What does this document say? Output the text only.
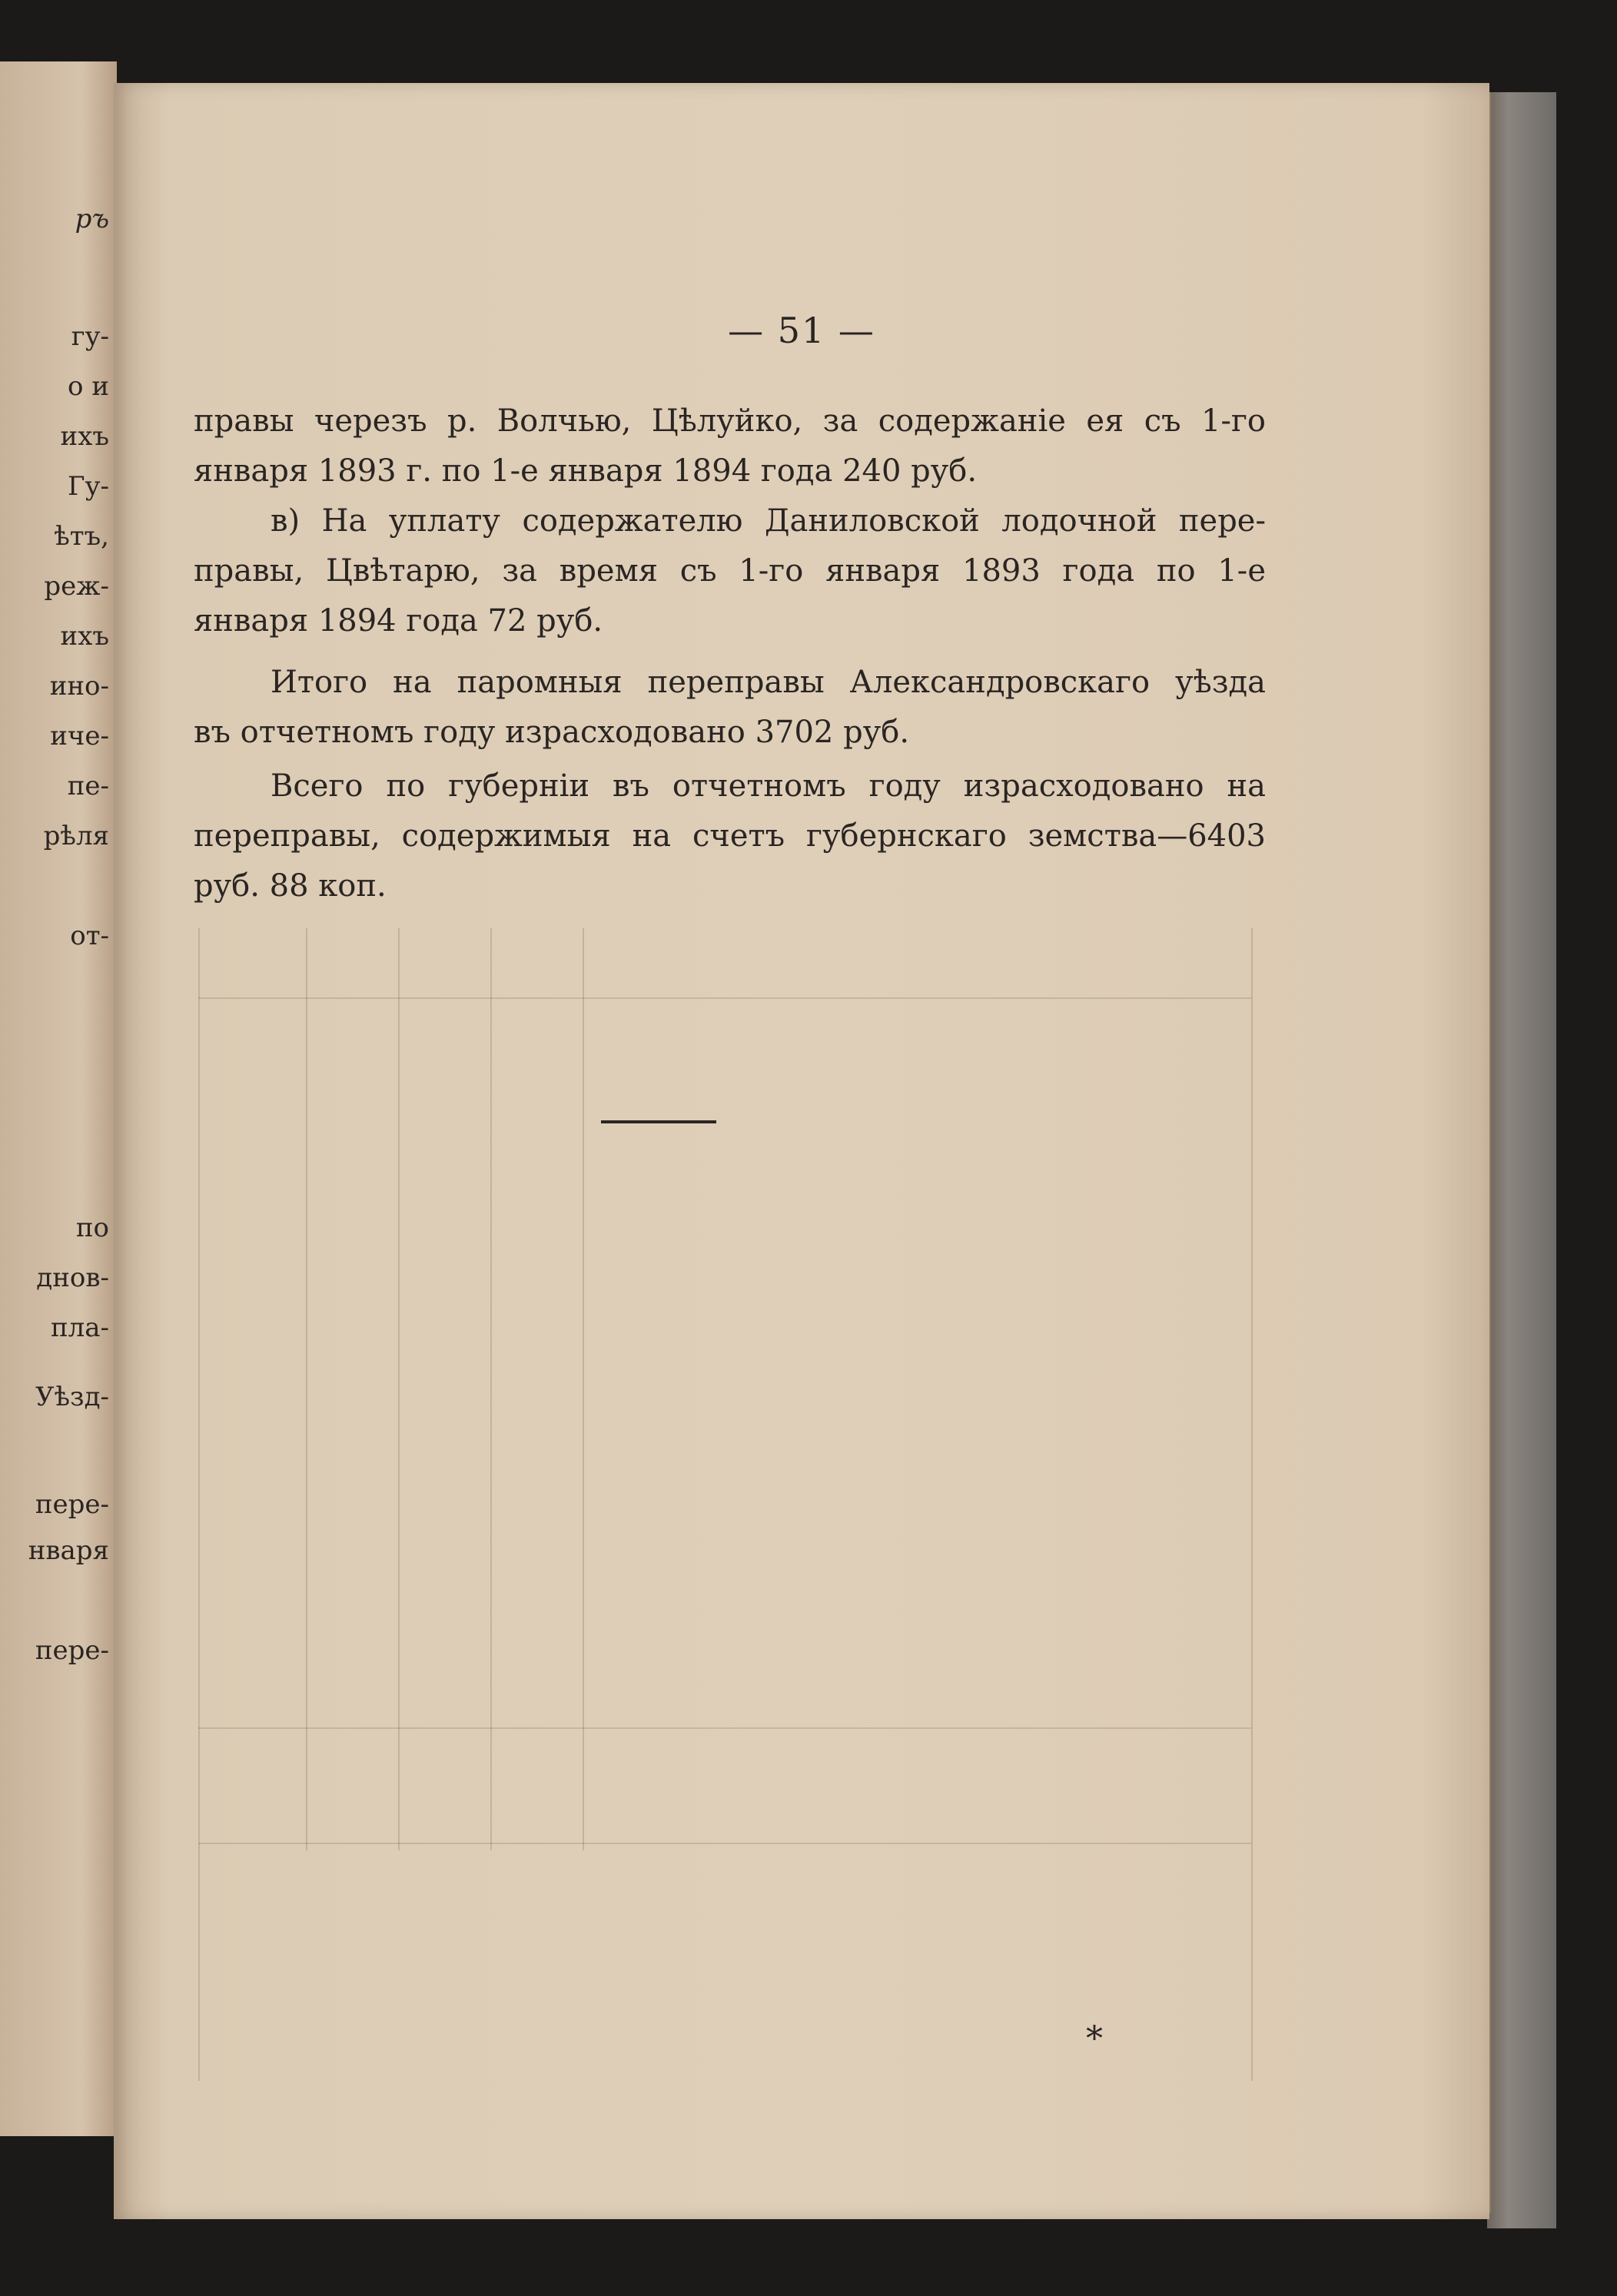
ръ
гу-
о и
ихъ
Гу-
ѣтъ,
реж-
ихъ
ино-
иче-
пе-
рѣля
от-
по
днов-
пла-
Уѣзд-
пере-
нваря
пере-
— 51 —
правы черезъ р. Волчью, Цѣлуйко, за содержаніе ея съ 1-го
января 1893 г. по 1-е января 1894 года 240 руб.
в) На уплату содержателю Даниловской лодочной пере-
правы, Цвѣтарю, за время съ 1-го января 1893 года по 1-е
января 1894 года 72 руб.
Итого на паромныя переправы Александровскаго уѣзда
въ отчетномъ году израсходовано 3702 руб.
Всего по губерніи въ отчетномъ году израсходовано на
переправы, содержимыя на счетъ губернскаго земства—6403
руб. 88 коп.
*
